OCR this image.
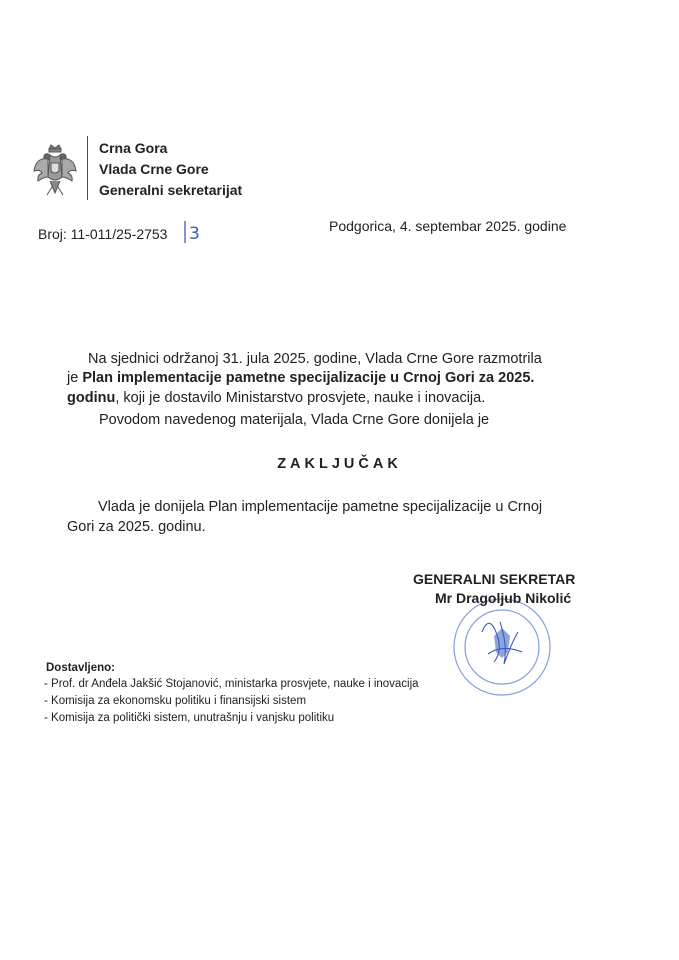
Crna Gora
Vlada Crne Gore
Generalni sekretarijat
Broj: 11-011/25-2753 3	Podgorica, 4. septembar 2025. godine
Na sjednici održanoj 31. jula 2025. godine, Vlada Crne Gore razmotrila
je Plan implementacije pametne specijalizacije u Crnoj Gori za 2025.
godinu, koji je dostavilo Ministarstvo prosvjete, nauke i inovacija.
Povodom navedenog materijala, Vlada Crne Gore donijela je
ZAKLJUČAK
Vlada je donijela Plan implementacije pametne specijalizacije u Crnoj
Gori za 2025. godinu.
GENERALNI SEKRETAR
Mr Dragoljub Nikolić
Dostavljeno:
- Prof. dr Anđela Jakšić Stojanović, ministarka prosvjete, nauke i inovacija
- Komisija za ekonomsku politiku i finansijski sistem
- Komisija za politički sistem, unutrašnju i vanjsku politiku
